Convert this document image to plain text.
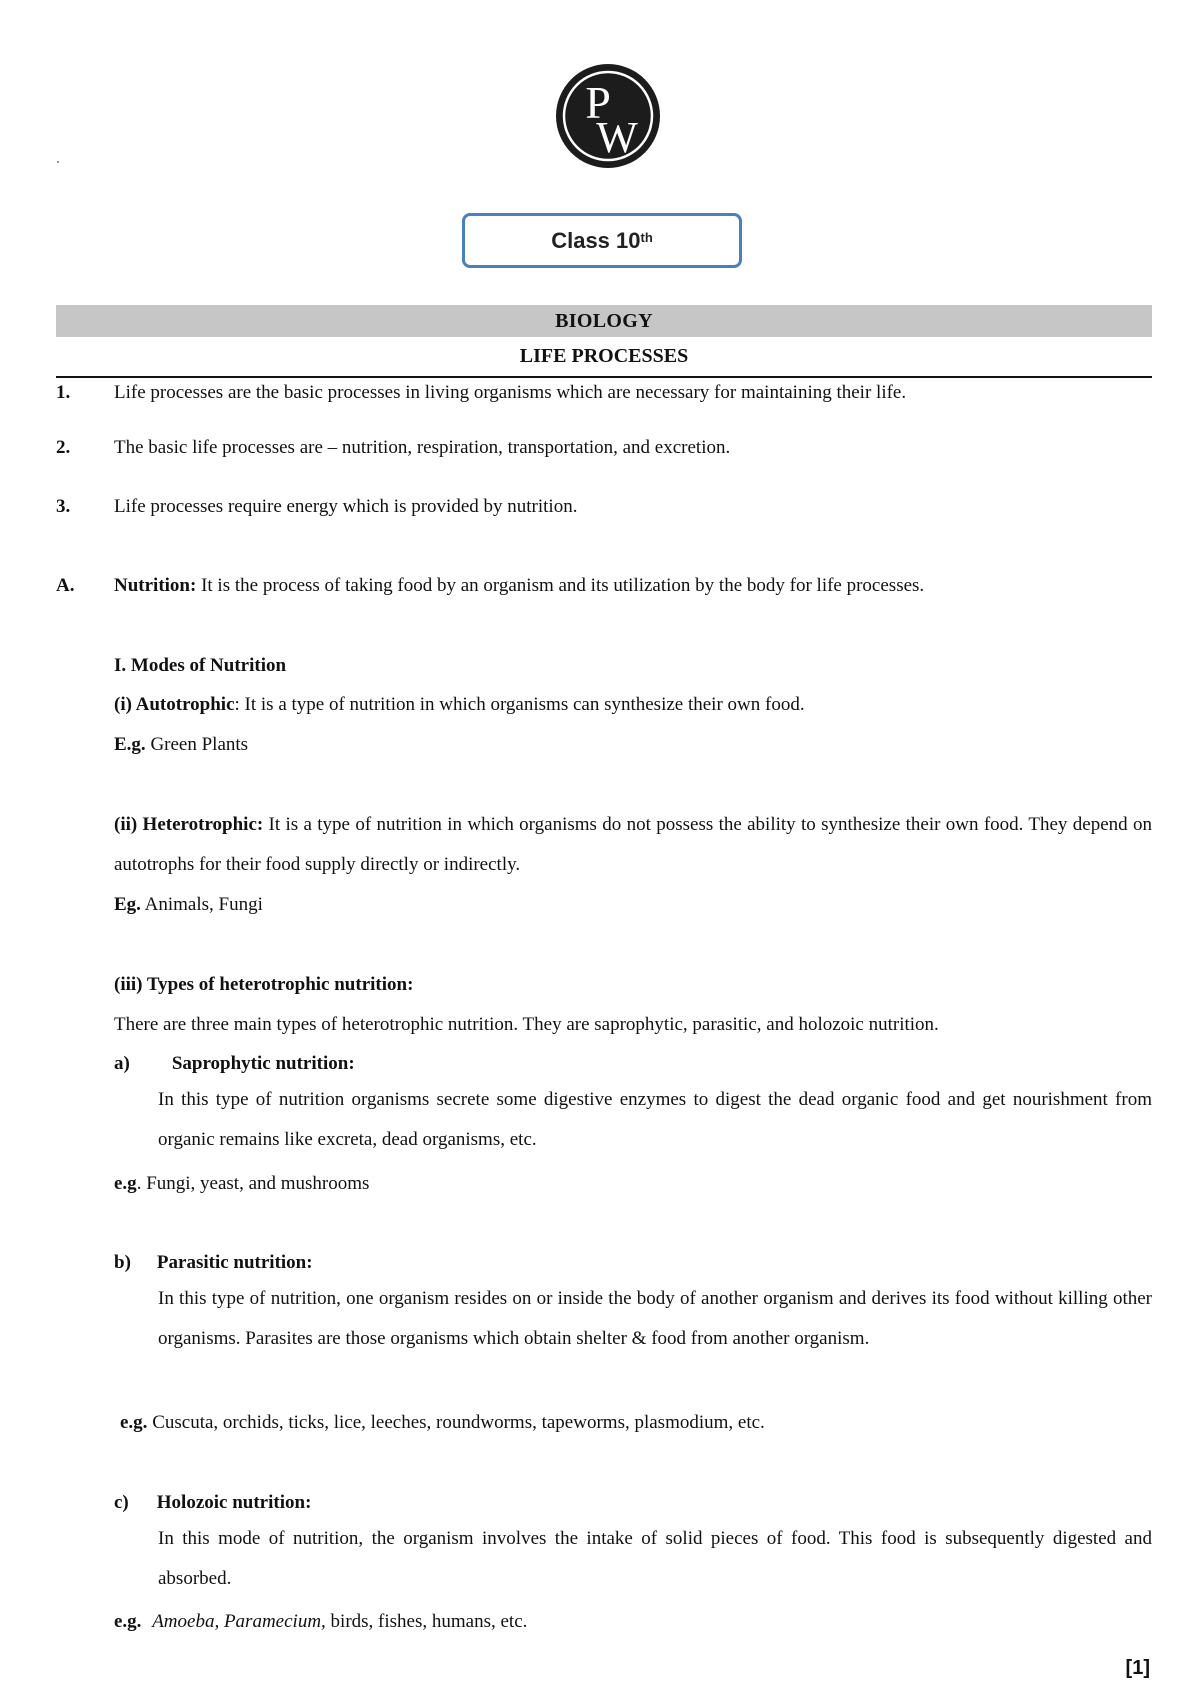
P
W
Class 10th
BIOLOGY
LIFE PROCESSES
1. Life processes are the basic processes in living organisms which are necessary for maintaining their life.
2. The basic life processes are – nutrition, respiration, transportation, and excretion.
3. Life processes require energy which is provided by nutrition.
A. Nutrition: It is the process of taking food by an organism and its utilization by the body for life processes.
I. Modes of Nutrition
(i) Autotrophic: It is a type of nutrition in which organisms can synthesize their own food.
E.g. Green Plants
(ii) Heterotrophic: It is a type of nutrition in which organisms do not possess the ability to synthesize their own food. They depend on autotrophs for their food supply directly or indirectly.
Eg. Animals, Fungi
(iii) Types of heterotrophic nutrition:
There are three main types of heterotrophic nutrition. They are saprophytic, parasitic, and holozoic nutrition.
a) Saprophytic nutrition:
In this type of nutrition organisms secrete some digestive enzymes to digest the dead organic food and get nourishment from organic remains like excreta, dead organisms, etc.
e.g. Fungi, yeast, and mushrooms
b) Parasitic nutrition:
In this type of nutrition, one organism resides on or inside the body of another organism and derives its food without killing other organisms. Parasites are those organisms which obtain shelter & food from another organism.
e.g. Cuscuta, orchids, ticks, lice, leeches, roundworms, tapeworms, plasmodium, etc.
c) Holozoic nutrition:
In this mode of nutrition, the organism involves the intake of solid pieces of food. This food is subsequently digested and absorbed.
e.g. Amoeba, Paramecium, birds, fishes, humans, etc.
[1]
